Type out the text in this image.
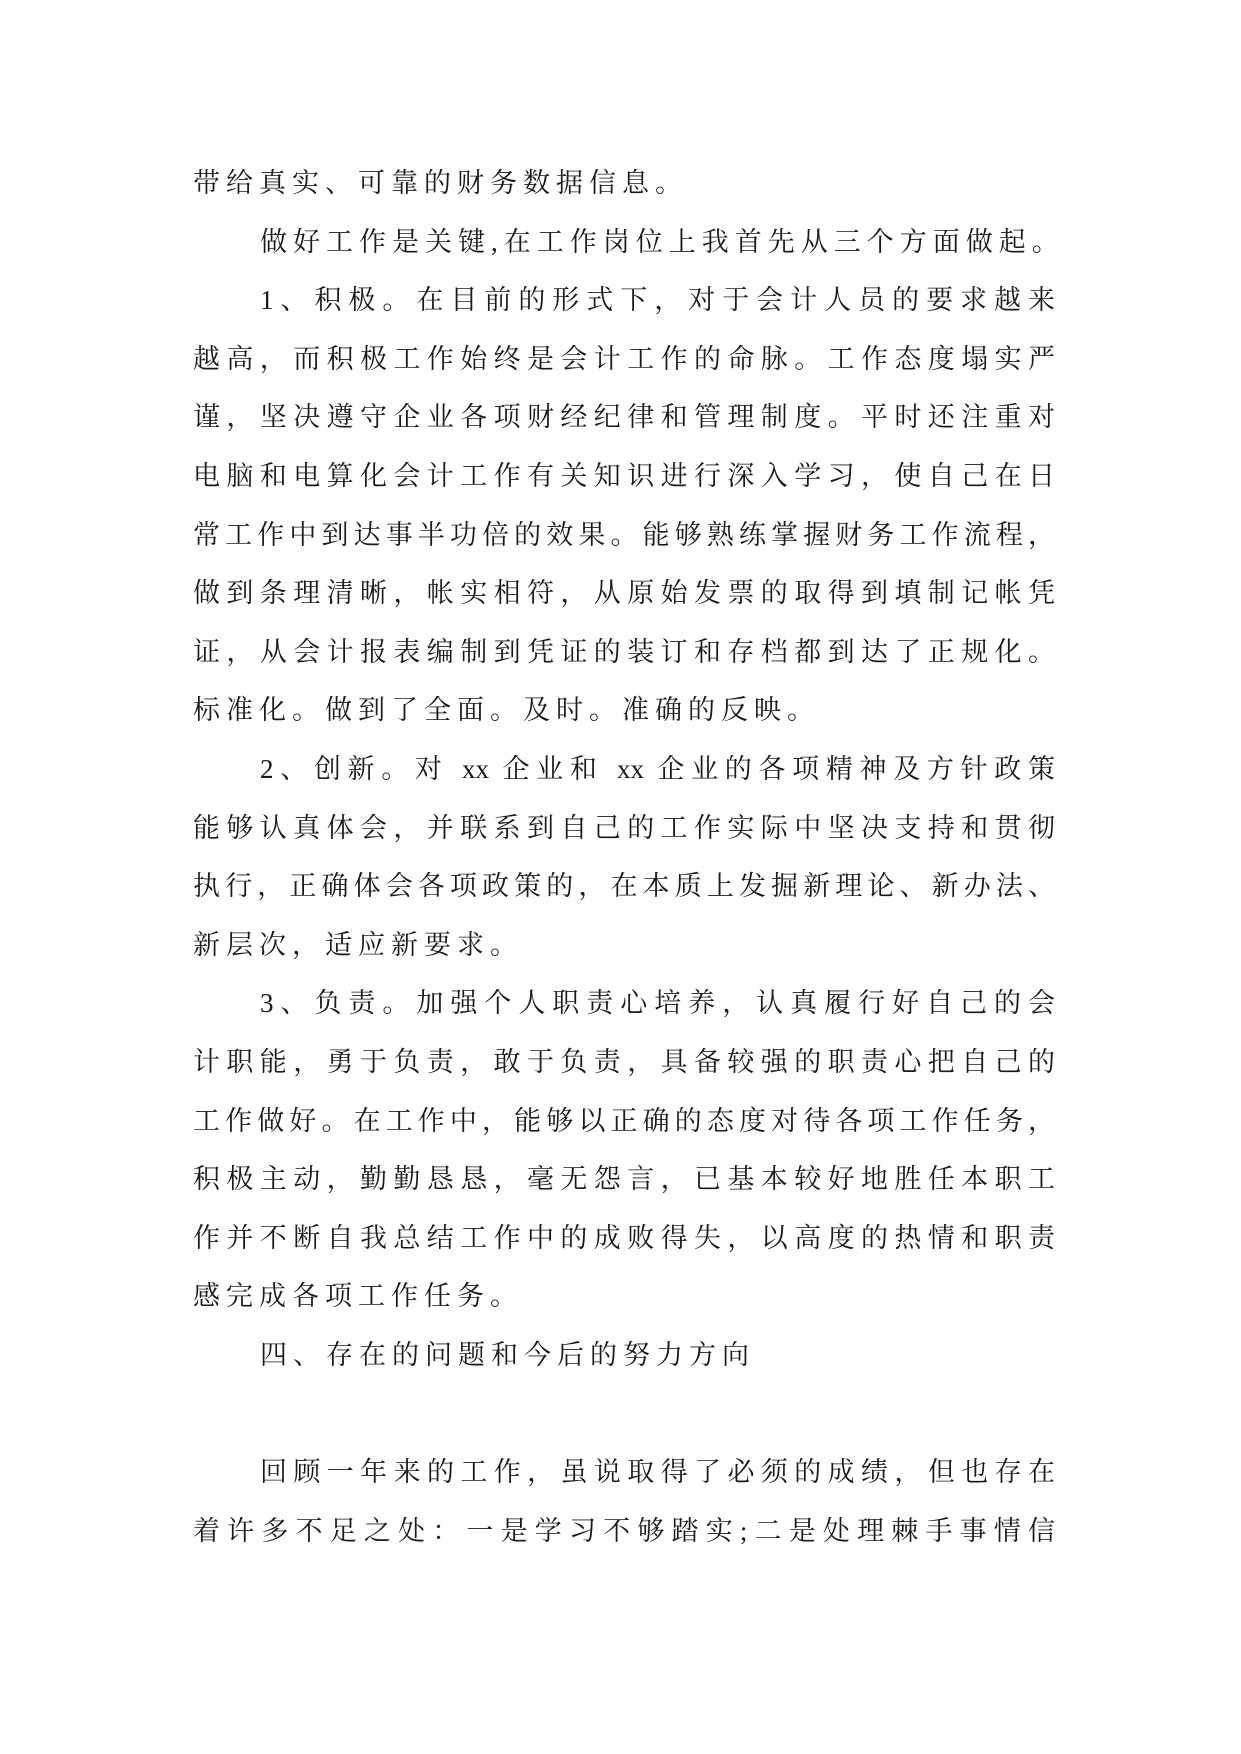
带给真实、可靠的财务数据信息。
做好工作是关键,在工作岗位上我首先从三个方面做起。
1、积极。在目前的形式下，对于会计人员的要求越来
越高，而积极工作始终是会计工作的命脉。工作态度塌实严
谨，坚决遵守企业各项财经纪律和管理制度。平时还注重对
电脑和电算化会计工作有关知识进行深入学习，使自己在日
常工作中到达事半功倍的效果。能够熟练掌握财务工作流程，
做到条理清晰，帐实相符，从原始发票的取得到填制记帐凭
证，从会计报表编制到凭证的装订和存档都到达了正规化。
标准化。做到了全面。及时。准确的反映。
2、创新。对 xx 企业和 xx 企业的各项精神及方针政策
能够认真体会，并联系到自己的工作实际中坚决支持和贯彻
执行，正确体会各项政策的，在本质上发掘新理论、新办法、
新层次，适应新要求。
3、负责。加强个人职责心培养，认真履行好自己的会
计职能，勇于负责，敢于负责，具备较强的职责心把自己的
工作做好。在工作中，能够以正确的态度对待各项工作任务，
积极主动，勤勤恳恳，毫无怨言，已基本较好地胜任本职工
作并不断自我总结工作中的成败得失，以高度的热情和职责
感完成各项工作任务。
四、存在的问题和今后的努力方向
回顾一年来的工作，虽说取得了必须的成绩，但也存在
着许多不足之处：一是学习不够踏实;二是处理棘手事情信
